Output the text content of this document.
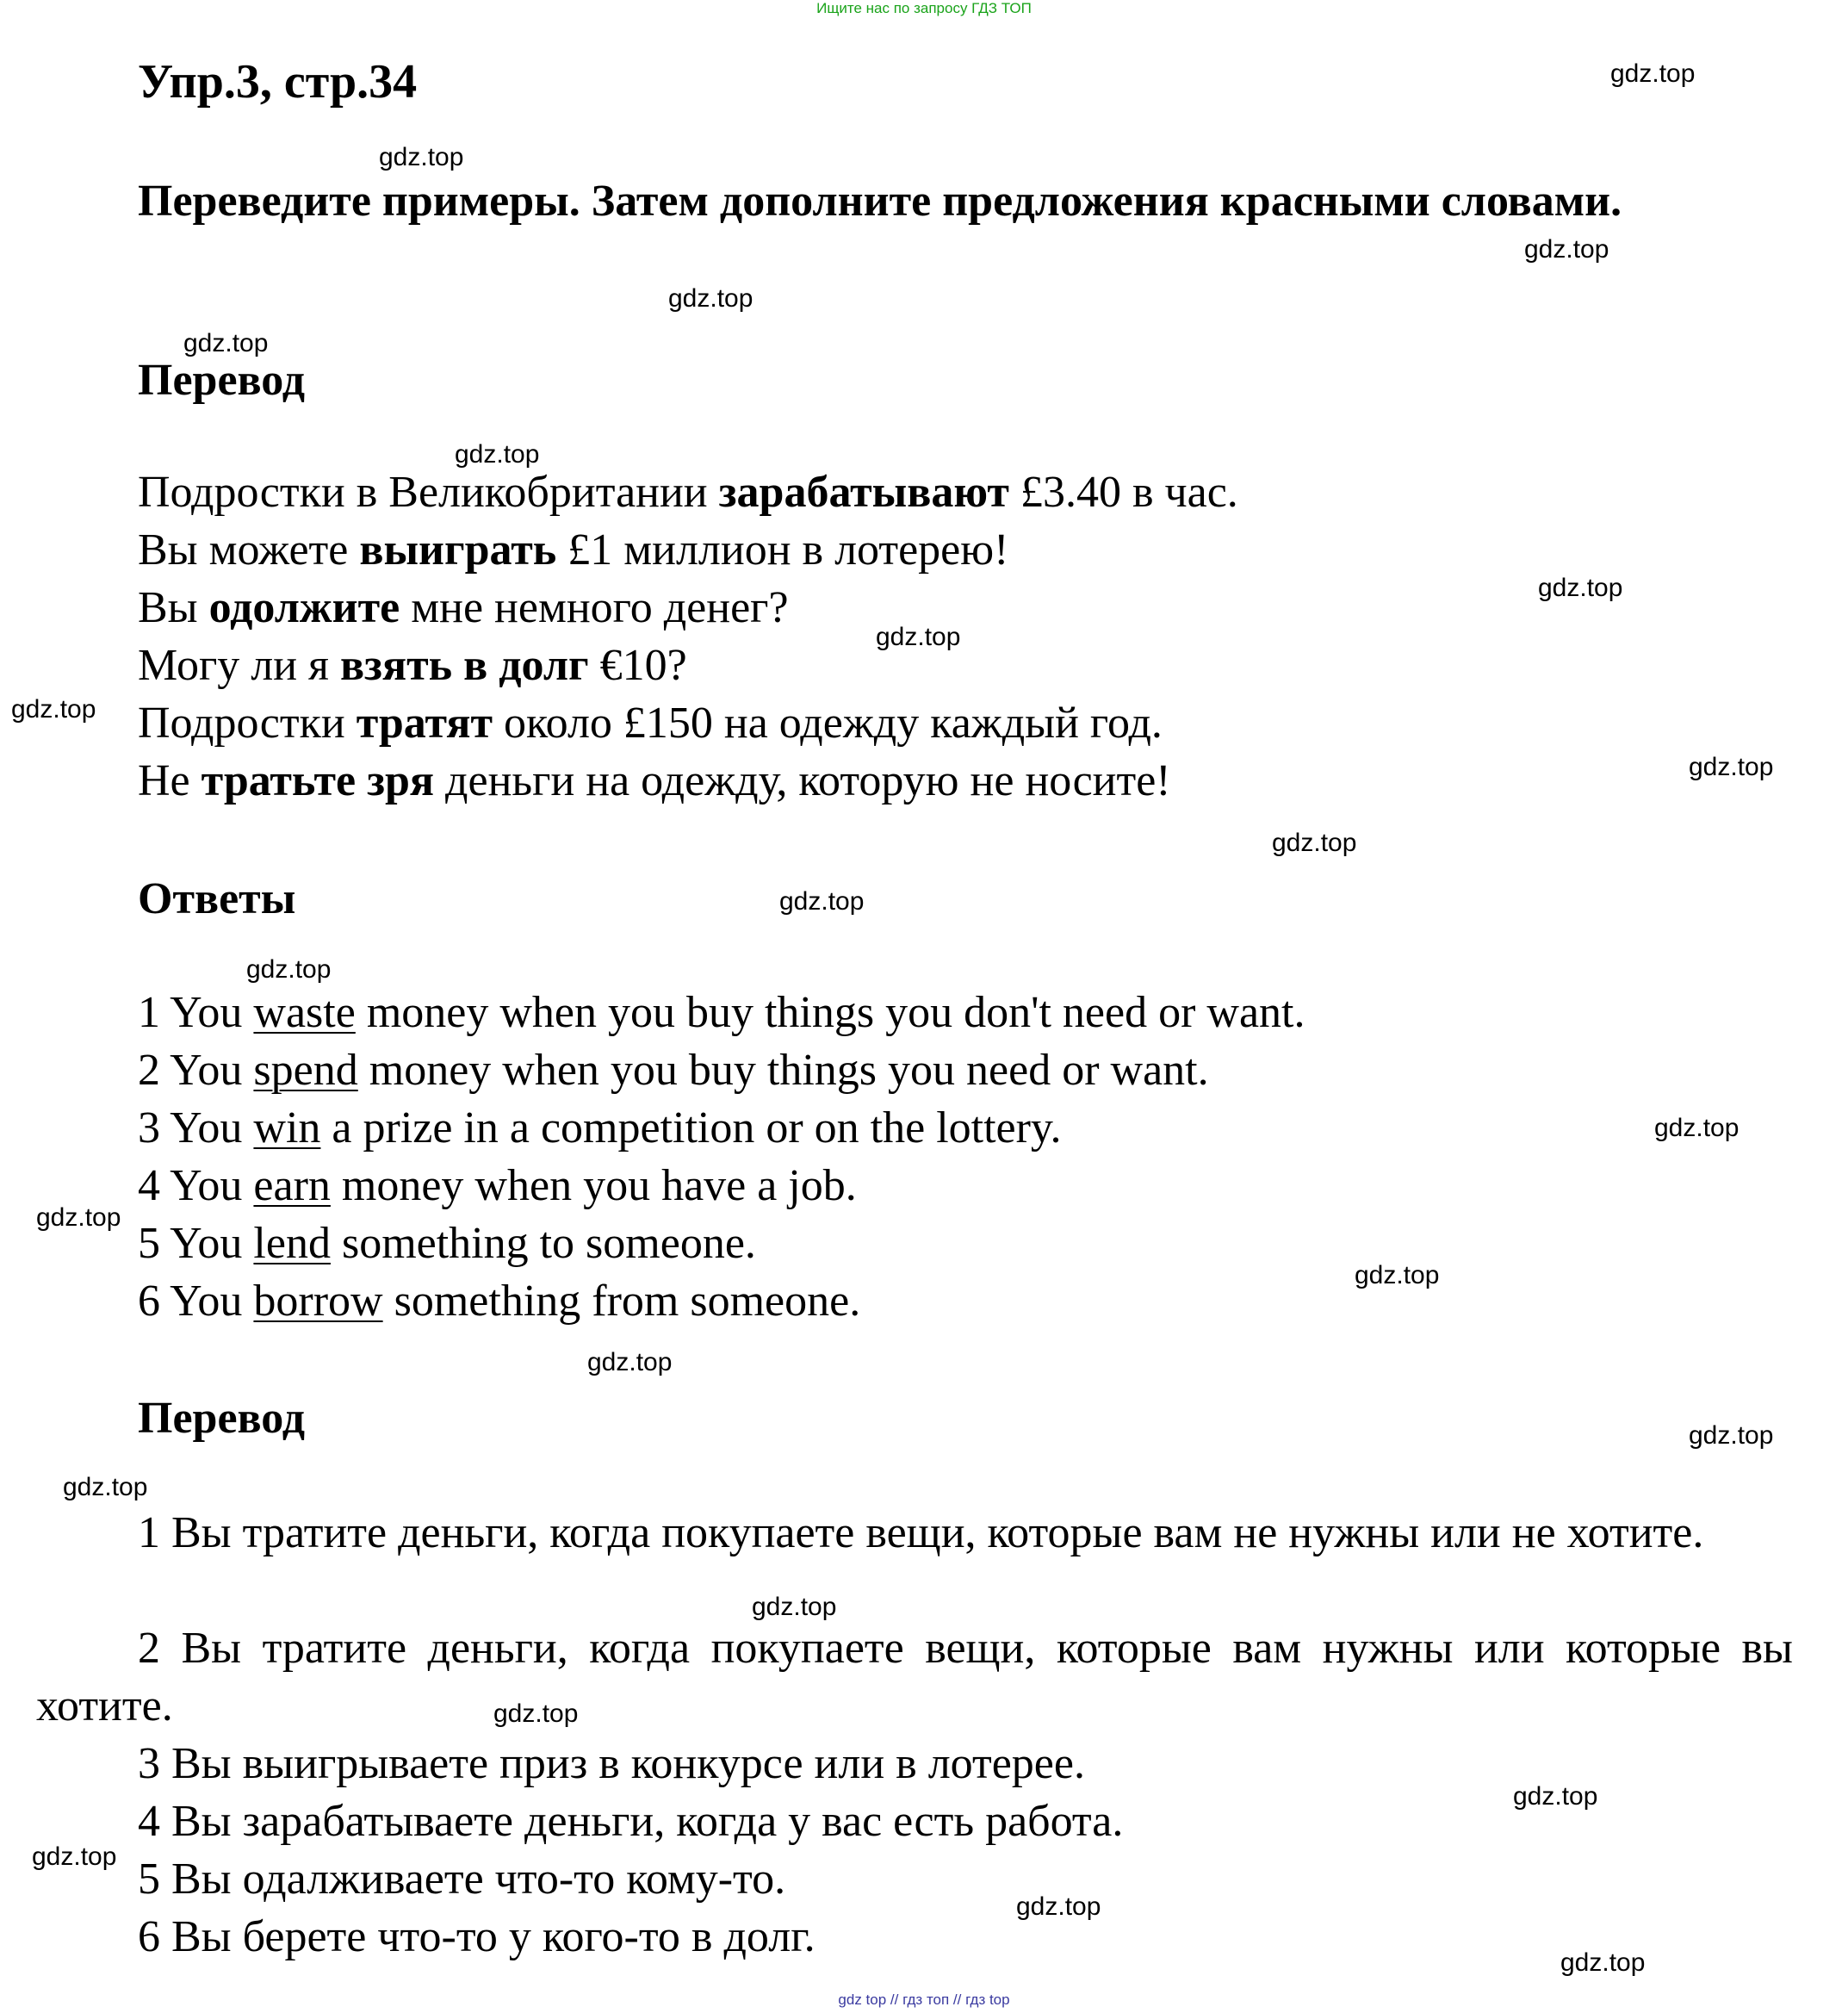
Ищите нас по запросу ГДЗ ТОП
Упр.3, стр.34

Переведите примеры. Затем дополните предложения красными словами.

Перевод
Подростки в Великобритании зарабатывают £3.40 в час.
Вы можете выиграть £1 миллион в лотерею!
Вы одолжите мне немного денег?
Могу ли я взять в долг €10?
Подростки тратят около £150 на одежду каждый год.
Не тратьте зря деньги на одежду, которую не носите!
Ответы
1 You waste money when you buy things you don't need or want.
2 You spend money when you buy things you need or want.
3 You win a prize in a competition or on the lottery.
4 You earn money when you have a job.
5 You lend something to someone.
6 You borrow something from someone.
Перевод
1 Вы тратите деньги, когда покупаете вещи, которые вам не нужны или не хотите.
2 Вы тратите деньги, когда покупаете вещи, которые вам нужны или которые вы хотите.
3 Вы выигрываете приз в конкурсе или в лотерее.
4 Вы зарабатываете деньги, когда у вас есть работа.
5 Вы одалживаете что-то кому-то.
6 Вы берете что-то у кого-то в долг.
gdz.top
gdz.top
gdz.top
gdz.top
gdz.top
gdz.top
gdz.top
gdz.top
gdz.top
gdz.top
gdz.top
gdz.top
gdz.top
gdz.top
gdz.top
gdz.top
gdz.top
gdz.top
gdz.top
gdz.top
gdz.top
gdz.top
gdz.top
gdz.top
gdz.top
gdz top // гдз топ // гдз top
